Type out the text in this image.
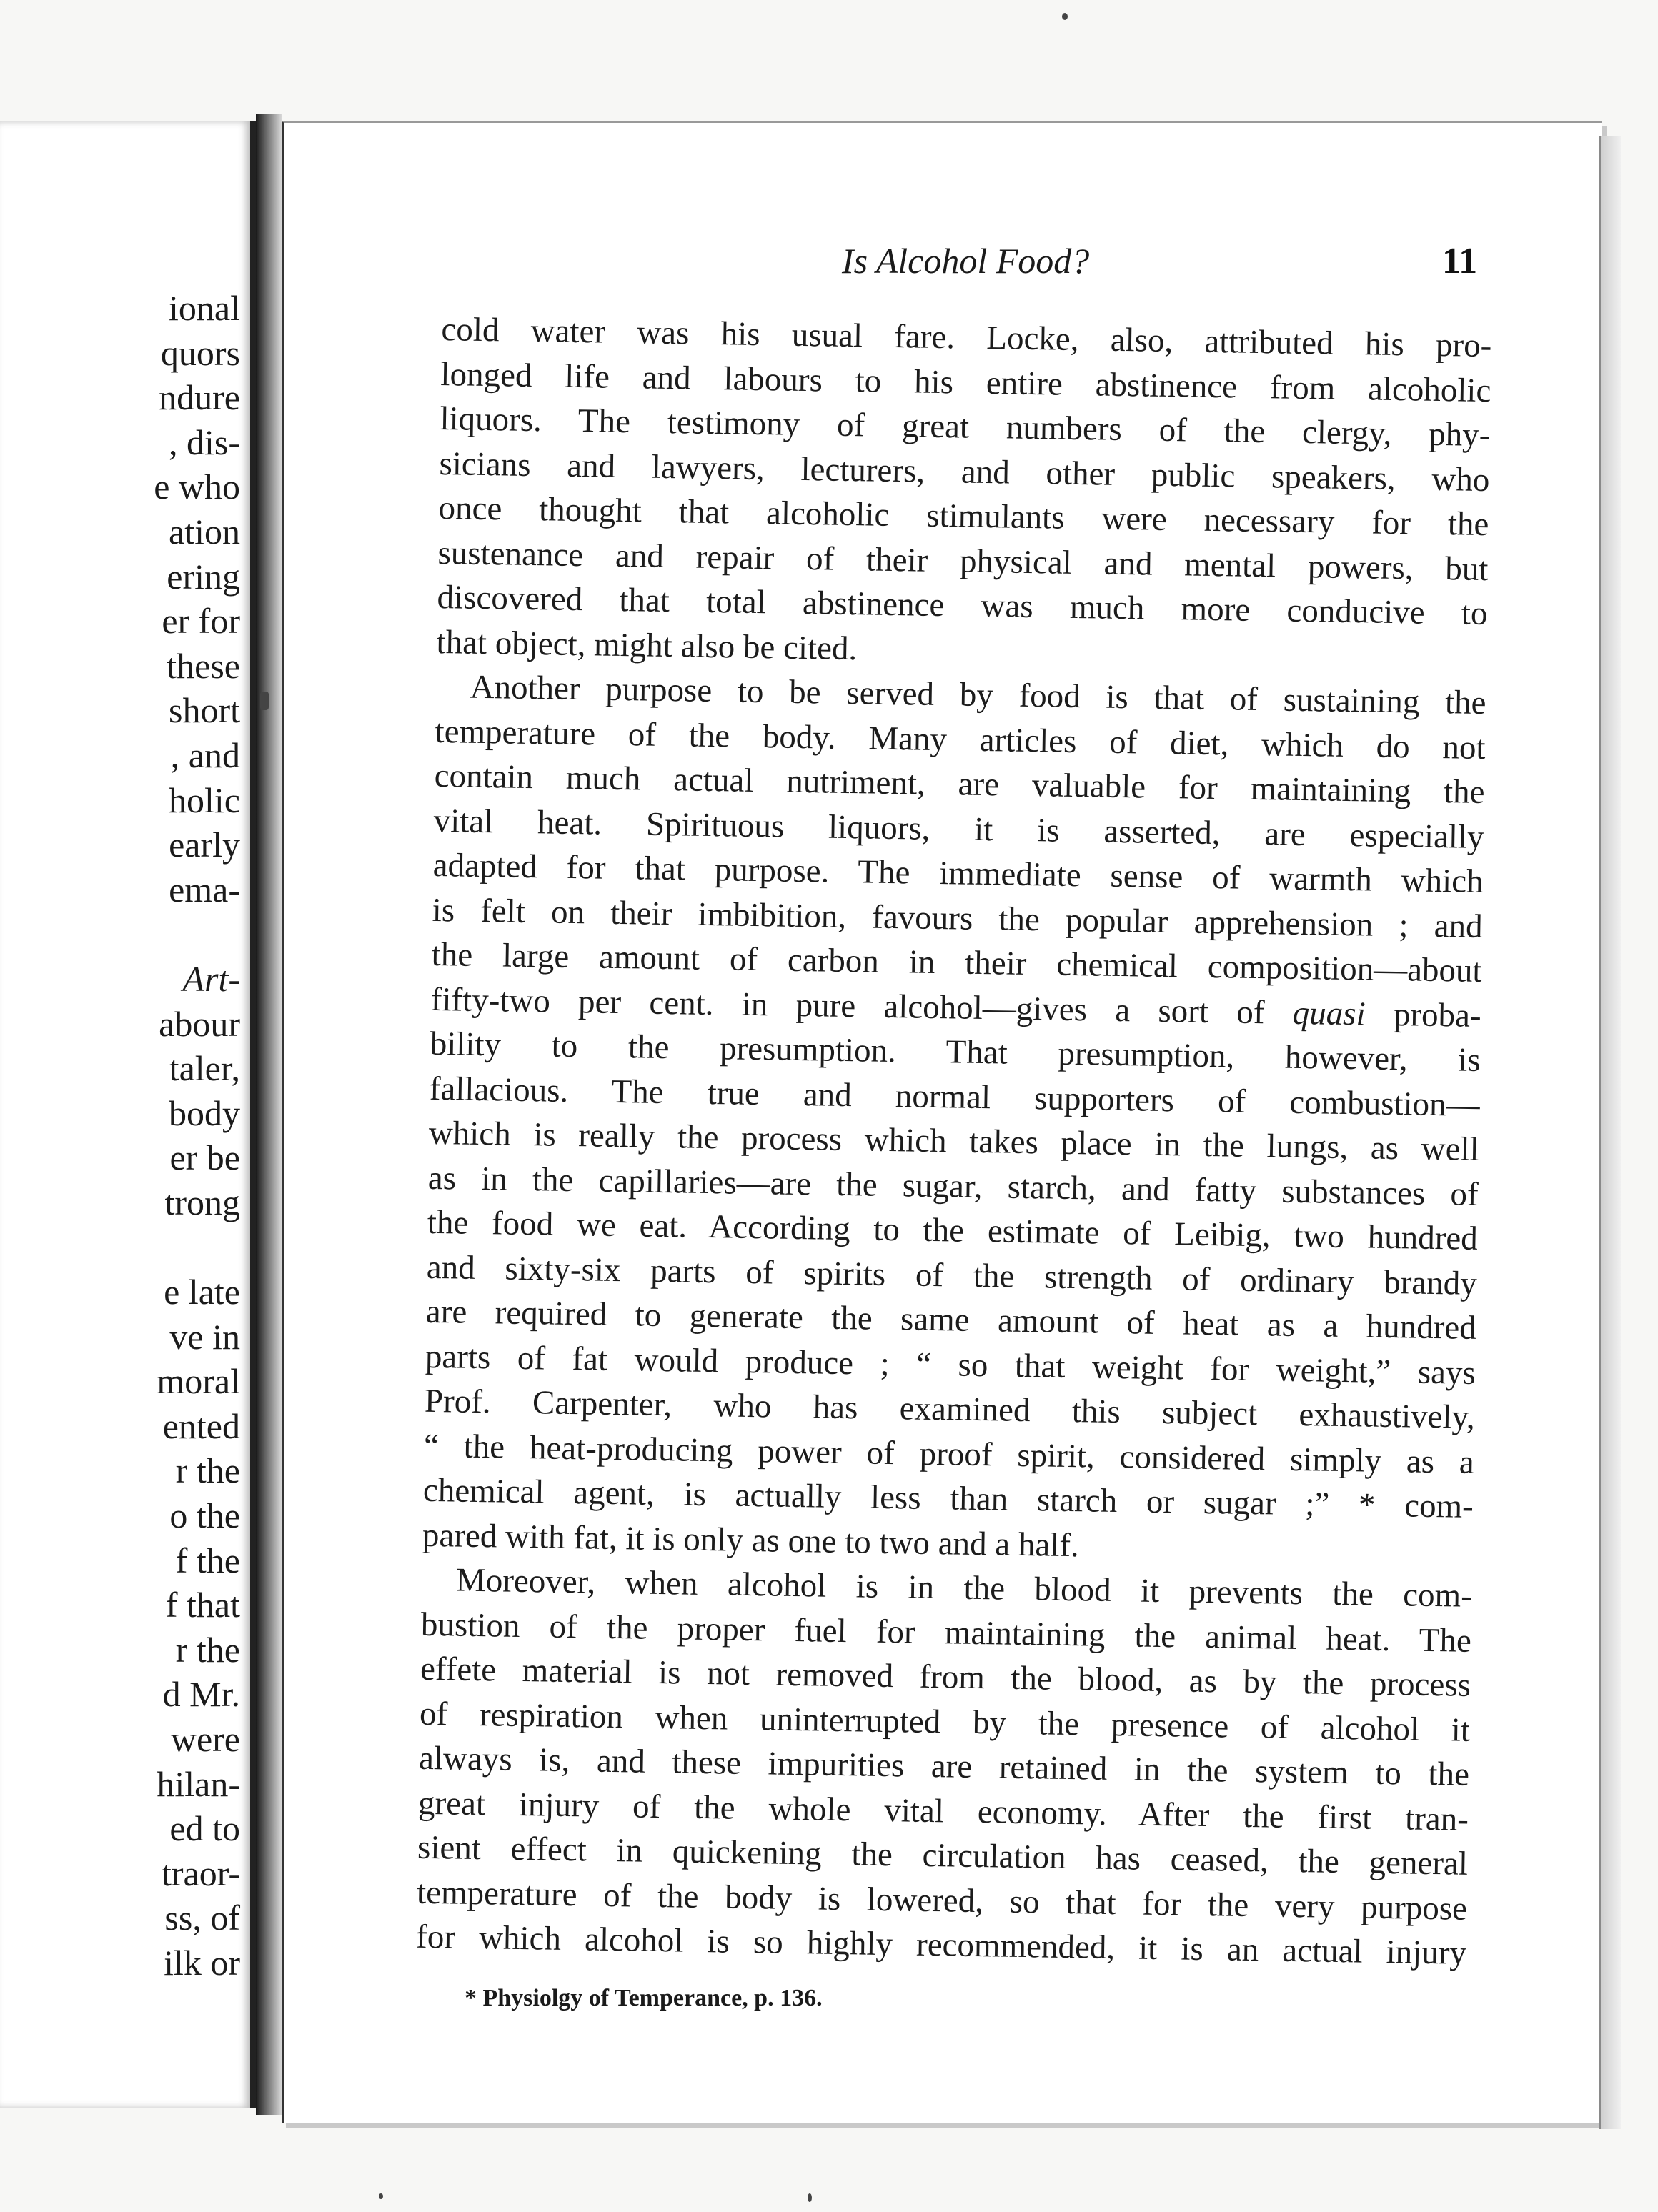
ional
quors
ndure
, dis-
e who
ation
ering
er for
these
short
, and
holic
early
ema-
Art-
abour
taler,
body
er be
trong
e late
ve in
moral
ented
r the
o the
f the
f that
r the
d Mr.
were
hilan-
ed to
traor-
ss, of
ilk or
Is Alcohol Food?	11
cold water was his usual fare. Locke, also, attributed his pro-
longed life and labours to his entire abstinence from alcoholic
liquors. The testimony of great numbers of the clergy, phy-
sicians and lawyers, lecturers, and other public speakers, who
once thought that alcoholic stimulants were necessary for the
sustenance and repair of their physical and mental powers, but
discovered that total abstinence was much more conducive to
that object, might also be cited.
Another purpose to be served by food is that of sustaining the
temperature of the body. Many articles of diet, which do not
contain much actual nutriment, are valuable for maintaining the
vital heat. Spirituous liquors, it is asserted, are especially
adapted for that purpose. The immediate sense of warmth which
is felt on their imbibition, favours the popular apprehension ; and
the large amount of carbon in their chemical composition—about
fifty-two per cent. in pure alcohol—gives a sort of quasi proba-
bility to the presumption. That presumption, however, is
fallacious. The true and normal supporters of combustion—
which is really the process which takes place in the lungs, as well
as in the capillaries—are the sugar, starch, and fatty substances of
the food we eat. According to the estimate of Leibig, two hundred
and sixty-six parts of spirits of the strength of ordinary brandy
are required to generate the same amount of heat as a hundred
parts of fat would produce ; “ so that weight for weight,” says
Prof. Carpenter, who has examined this subject exhaustively,
“ the heat-producing power of proof spirit, considered simply as a
chemical agent, is actually less than starch or sugar ;” * com-
pared with fat, it is only as one to two and a half.
Moreover, when alcohol is in the blood it prevents the com-
bustion of the proper fuel for maintaining the animal heat. The
effete material is not removed from the blood, as by the process
of respiration when uninterrupted by the presence of alcohol it
always is, and these impurities are retained in the system to the
great injury of the whole vital economy. After the first tran-
sient effect in quickening the circulation has ceased, the general
temperature of the body is lowered, so that for the very purpose
for which alcohol is so highly recommended, it is an actual injury
* Physiolgy of Temperance, p. 136.
